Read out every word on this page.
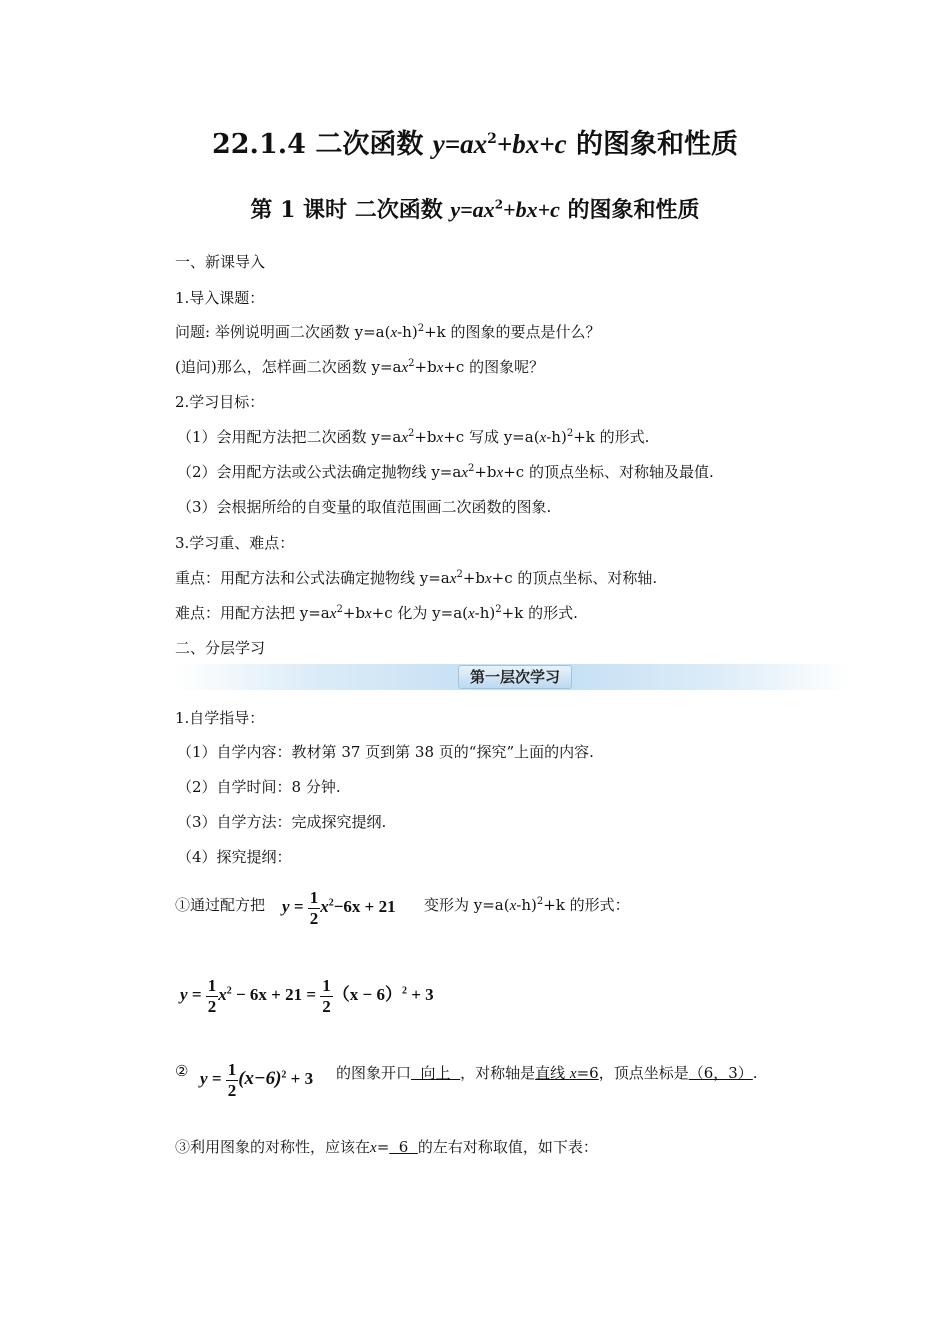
22.1.4 二次函数 $y=ax^2+bx+c$ 的图象和性质
第 1 课时 二次函数 $y=ax^2+bx+c$ 的图象和性质
一、新课导入
1.导入课题：
问题: 举例说明画二次函数 $y=a(x-h)^2+k$ 的图象的要点是什么？
(追问)那么，怎样画二次函数 $y=ax^2+bx+c$ 的图象呢？
2.学习目标：
（1）会用配方法把二次函数 $y=ax^2+bx+c$ 写成 $y=a(x-h)^2+k$ 的形式.
（2）会用配方法或公式法确定抛物线 $y=ax^2+bx+c$ 的顶点坐标、对称轴及最值.
（3）会根据所给的自变量的取值范围画二次函数的图象.
3.学习重、难点：
重点：用配方法和公式法确定抛物线 $y=ax^2+bx+c$ 的顶点坐标、对称轴.
难点：用配方法把 $y=ax^2+bx+c$ 化为 $y=a(x-h)^2+k$ 的形式.
二、分层学习
第一层次学习
1.自学指导：
（1）自学内容：教材第 37 页到第 38 页的“探究”上面的内容.
（2）自学时间：8 分钟.
（3）自学方法：完成探究提纲.
（4）探究提纲：
①通过配方把 $y = \frac{1}{2} x^2-6x + 21$ 变形为 $y=a(x-h)^2+k$ 的形式：
$y = \frac{1}{2} x^2 - 6x + 21 = \frac{1}{2} (x - 6)^2 + 3$
② $y = \frac{1}{2} (x-6)^2 + 3$ 的图象开口  向上  ，对称轴是直线 x=6，顶点坐标是（6，3）.
③利用图象的对称性，应该在x=  6  的左右对称取值，如下表：
